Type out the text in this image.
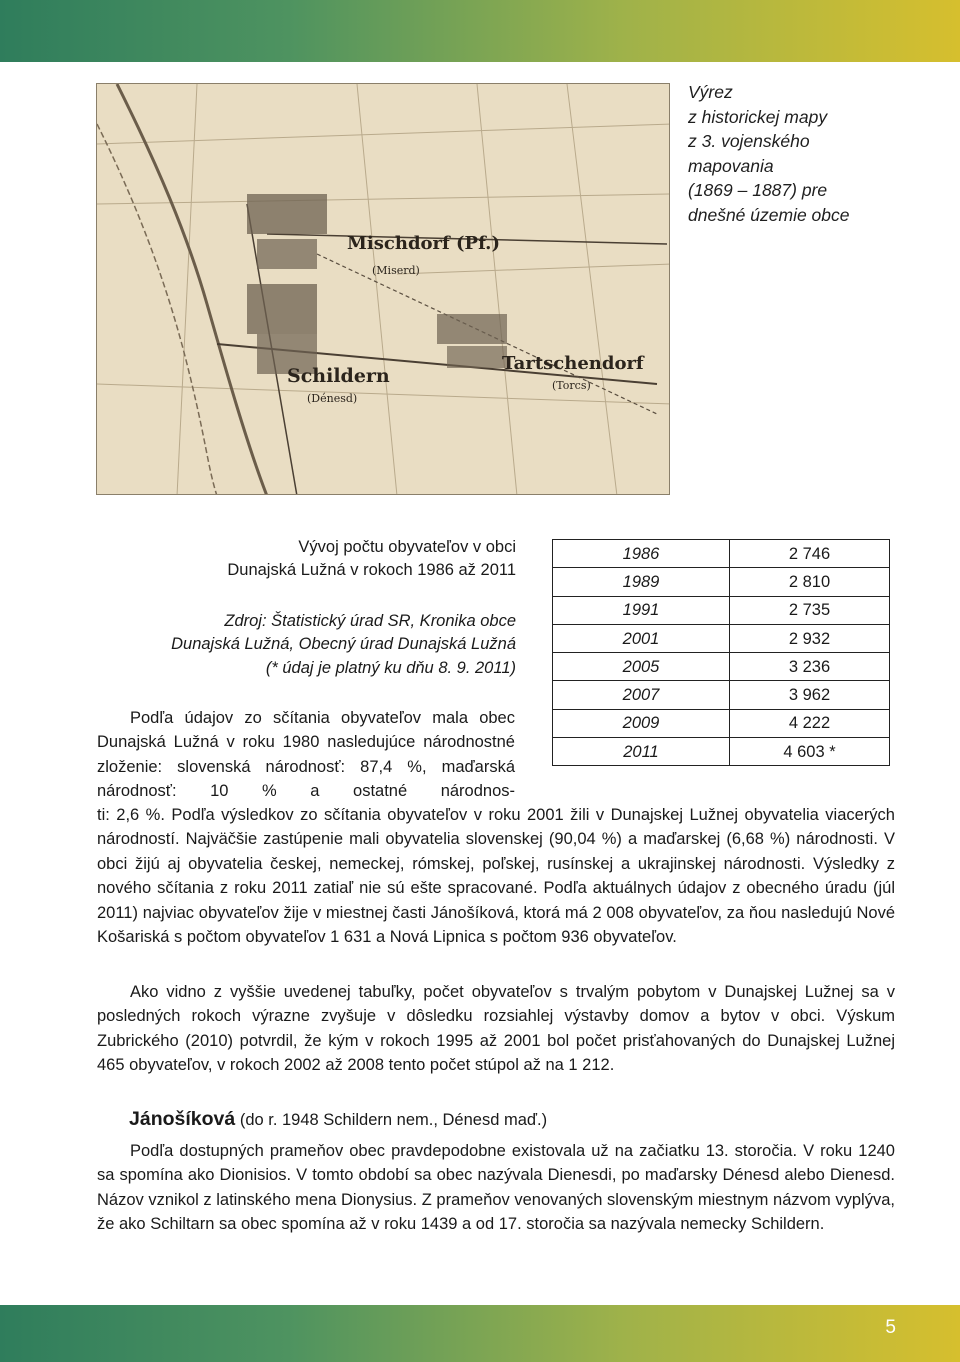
Mischdorf (Pf.)
(Miserd)
Schildern
(Dénesd)
Tartschendorf
(Torcs)
Výrez
z historickej mapy
z 3. vojenského
mapovania
(1869 – 1887) pre
dnešné územie obce
Vývoj počtu obyvateľov v obci
Dunajská Lužná v rokoch 1986 až 2011
Zdroj: Štatistický úrad SR, Kronika obce
Dunajská Lužná, Obecný úrad Dunajská Lužná
(* údaj je platný ku dňu 8. 9. 2011)
1986	2 746
1989	2 810
1991	2 735
2001	2 932
2005	3 236
2007	3 962
2009	4 222
2011	4 603 *
Podľa údajov zo sčítania obyvateľov mala obec Dunajská Lužná v roku 1980 nasledujúce národnostné zloženie: slovenská národnosť: 87,4 %, maďarská národnosť: 10 % a ostatné národnos-
ti: 2,6 %. Podľa výsledkov zo sčítania obyvateľov v roku 2001 žili v Dunajskej Lužnej obyvatelia viacerých národností. Najväčšie zastúpenie mali obyvatelia slovenskej (90,04 %) a maďarskej (6,68 %) národnosti. V obci žijú aj obyvatelia českej, nemeckej, rómskej, poľskej, rusínskej a ukrajinskej národnosti. Výsledky z nového sčítania z roku 2011 zatiaľ nie sú ešte spracované. Podľa aktuálnych údajov z obecného úradu (júl 2011) najviac obyvateľov žije v miestnej časti Jánošíková, ktorá má 2 008 obyvateľov, za ňou nasledujú Nové Košariská s počtom obyvateľov 1 631 a Nová Lipnica s počtom 936 obyvateľov.
Ako vidno z vyššie uvedenej tabuľky, počet obyvateľov s trvalým pobytom v Dunajskej Lužnej sa v posledných rokoch výrazne zvyšuje v dôsledku rozsiahlej výstavby domov a bytov v obci. Výskum Zubrického (2010) potvrdil, že kým v rokoch 1995 až 2001 bol počet prisťahovaných do Dunajskej Lužnej 465 obyvateľov, v rokoch 2002 až 2008 tento počet stúpol až na 1 212.
Jánošíková (do r. 1948 Schildern nem., Dénesd maď.)
Podľa dostupných prameňov obec pravdepodobne existovala už na začiatku 13. storočia. V roku 1240 sa spomína ako Dionisios. V tomto období sa obec nazývala Dienesdi, po maďarsky Dénesd alebo Dienesd. Názov vznikol z latinského mena Dionysius. Z prameňov venovaných slovenským miestnym názvom vyplýva, že ako Schiltarn sa obec spomína až v roku 1439 a od 17. storočia sa nazývala nemecky Schildern.
5
